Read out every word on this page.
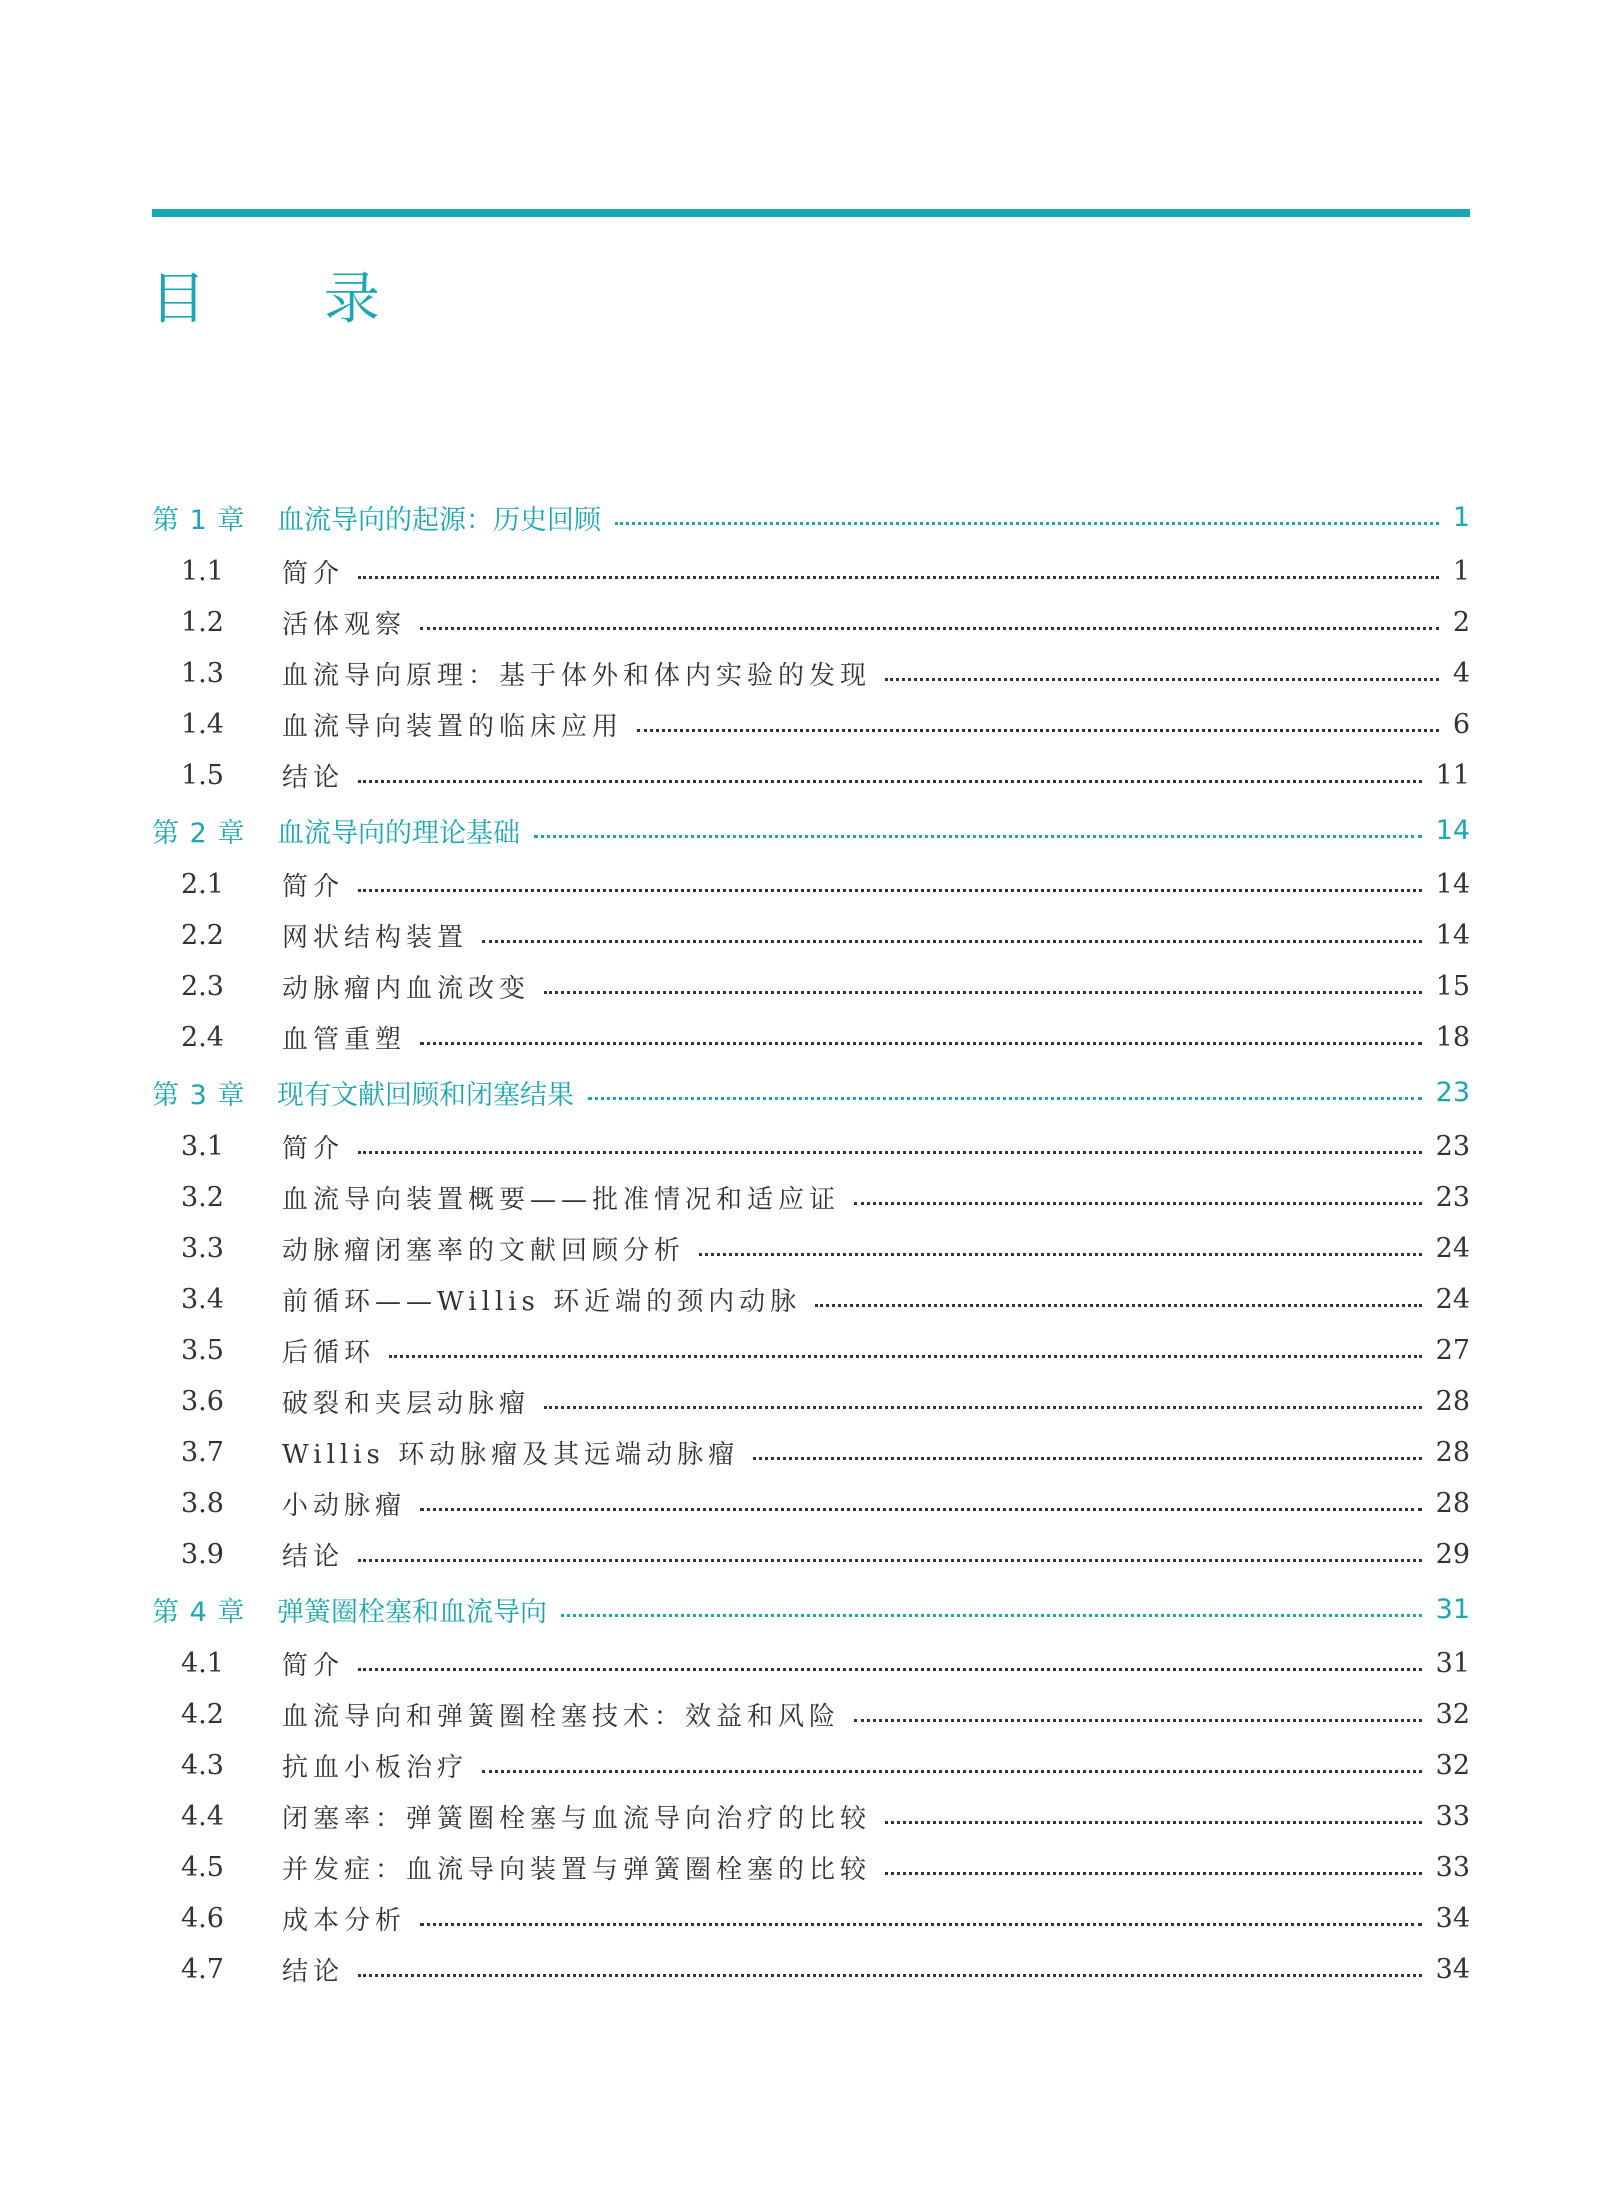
目 录
第 1 章	血流导向的起源：历史回顾	1
1.1	简介	1
1.2	活体观察	2
1.3	血流导向原理：基于体外和体内实验的发现	4
1.4	血流导向装置的临床应用	6
1.5	结论	11
第 2 章	血流导向的理论基础	14
2.1	简介	14
2.2	网状结构装置	14
2.3	动脉瘤内血流改变	15
2.4	血管重塑	18
第 3 章	现有文献回顾和闭塞结果	23
3.1	简介	23
3.2	血流导向装置概要——批准情况和适应证	23
3.3	动脉瘤闭塞率的文献回顾分析	24
3.4	前循环——Willis 环近端的颈内动脉	24
3.5	后循环	27
3.6	破裂和夹层动脉瘤	28
3.7	Willis 环动脉瘤及其远端动脉瘤	28
3.8	小动脉瘤	28
3.9	结论	29
第 4 章	弹簧圈栓塞和血流导向	31
4.1	简介	31
4.2	血流导向和弹簧圈栓塞技术：效益和风险	32
4.3	抗血小板治疗	32
4.4	闭塞率：弹簧圈栓塞与血流导向治疗的比较	33
4.5	并发症：血流导向装置与弹簧圈栓塞的比较	33
4.6	成本分析	34
4.7	结论	34
